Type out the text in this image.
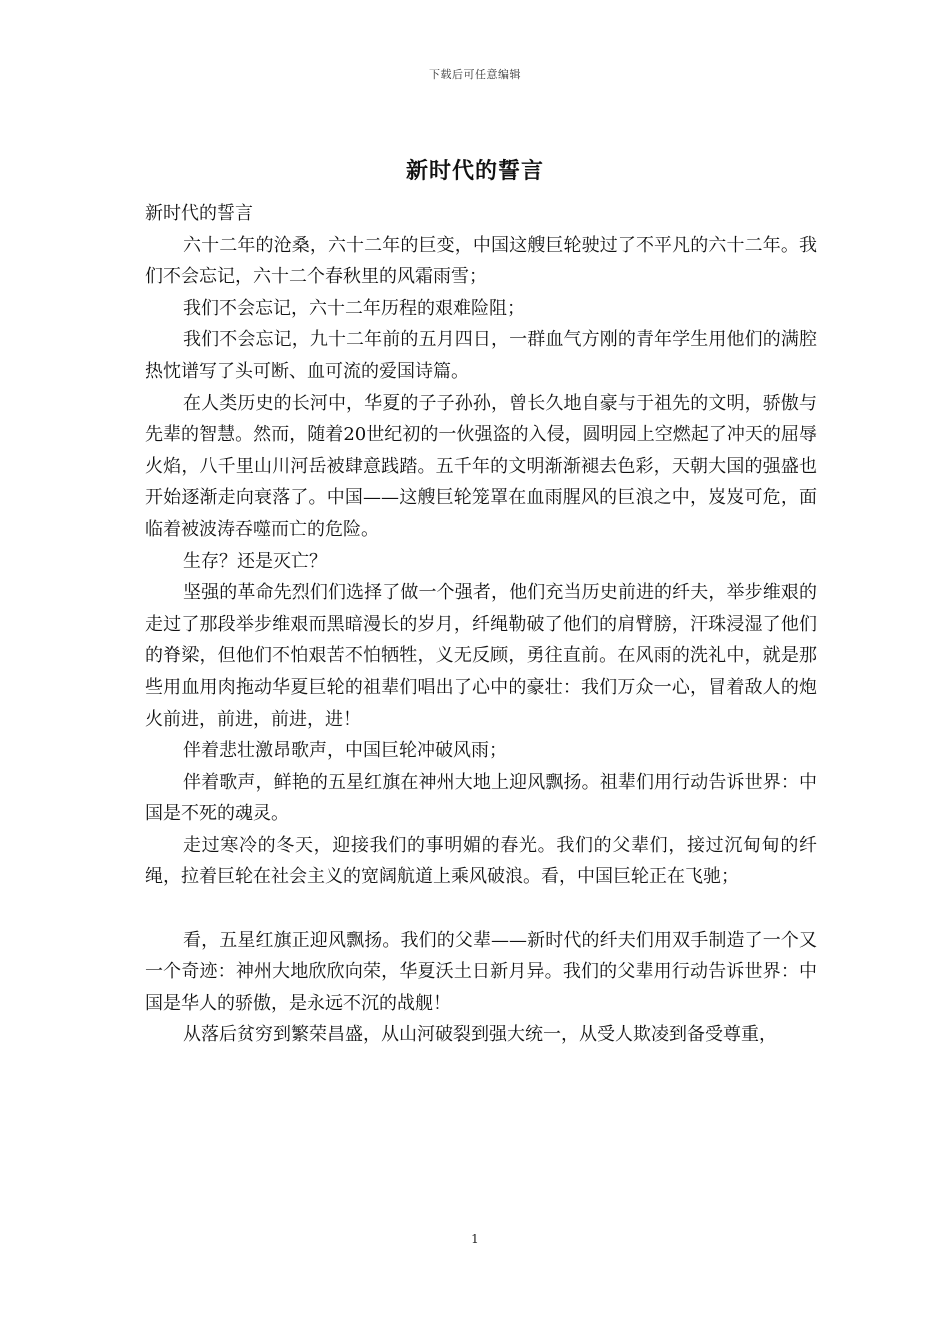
下载后可任意编辑
新时代的誓言

新时代的誓言

六十二年的沧桑，六十二年的巨变，中国这艘巨轮驶过了不平凡的六十二年。我们不会忘记，六十二个春秋里的风霜雨雪；

我们不会忘记，六十二年历程的艰难险阻；

我们不会忘记，九十二年前的五月四日，一群血气方刚的青年学生用他们的满腔热忱谱写了头可断、血可流的爱国诗篇。

在人类历史的长河中，华夏的子子孙孙，曾长久地自豪与于祖先的文明，骄傲与先辈的智慧。然而，随着20世纪初的一伙强盗的入侵，圆明园上空燃起了冲天的屈辱火焰，八千里山川河岳被肆意践踏。五千年的文明渐渐褪去色彩，天朝大国的强盛也开始逐渐走向衰落了。中国——这艘巨轮笼罩在血雨腥风的巨浪之中，岌岌可危，面临着被波涛吞噬而亡的危险。

生存？还是灭亡？

坚强的革命先烈们们选择了做一个强者，他们充当历史前进的纤夫，举步维艰的走过了那段举步维艰而黑暗漫长的岁月，纤绳勒破了他们的肩臂膀，汗珠浸湿了他们的脊梁，但他们不怕艰苦不怕牺牲，义无反顾，勇往直前。在风雨的洗礼中，就是那些用血用肉拖动华夏巨轮的祖辈们唱出了心中的豪壮：我们万众一心，冒着敌人的炮火前进，前进，前进，进！

伴着悲壮激昂歌声，中国巨轮冲破风雨；

伴着歌声，鲜艳的五星红旗在神州大地上迎风飘扬。祖辈们用行动告诉世界：中国是不死的魂灵。

走过寒冷的冬天，迎接我们的事明媚的春光。我们的父辈们，接过沉甸甸的纤绳，拉着巨轮在社会主义的宽阔航道上乘风破浪。看，中国巨轮正在飞驰；

看，五星红旗正迎风飘扬。我们的父辈——新时代的纤夫们用双手制造了一个又一个奇迹：神州大地欣欣向荣，华夏沃土日新月异。我们的父辈用行动告诉世界：中国是华人的骄傲，是永远不沉的战舰！

从落后贫穷到繁荣昌盛，从山河破裂到强大统一，从受人欺凌到备受尊重，

1
